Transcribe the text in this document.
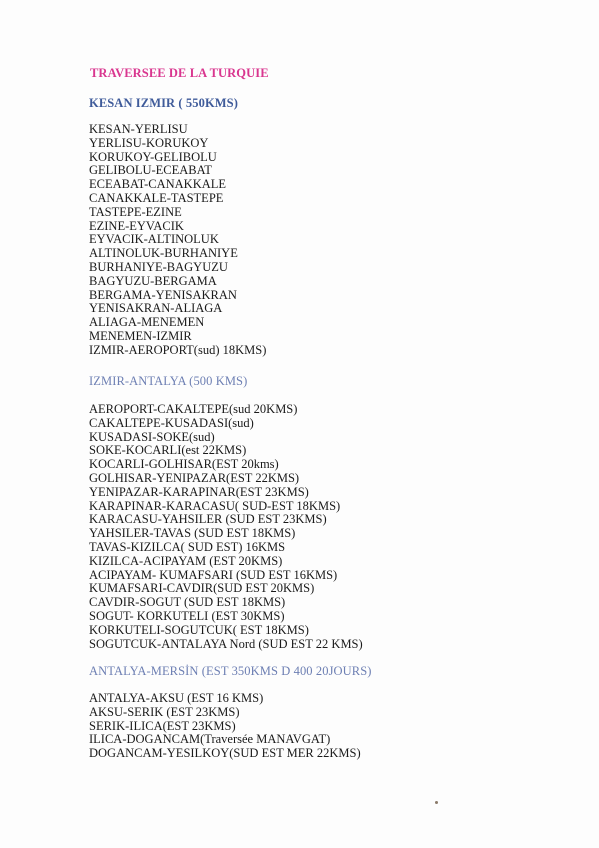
TRAVERSEE DE LA TURQUIE
KESAN IZMIR ( 550KMS)
KESAN-YERLISU
YERLISU-KORUKOY
KORUKOY-GELIBOLU
GELIBOLU-ECEABAT
ECEABAT-CANAKKALE
CANAKKALE-TASTEPE
TASTEPE-EZINE
EZINE-EYVACIK
EYVACIK-ALTINOLUK
ALTINOLUK-BURHANIYE
BURHANIYE-BAGYUZU
BAGYUZU-BERGAMA
BERGAMA-YENISAKRAN
YENISAKRAN-ALIAGA
ALIAGA-MENEMEN
MENEMEN-IZMIR
IZMIR-AEROPORT(sud) 18KMS)
IZMIR-ANTALYA (500 KMS)
AEROPORT-CAKALTEPE(sud 20KMS)
CAKALTEPE-KUSADASI(sud)
KUSADASI-SOKE(sud)
SOKE-KOCARLI(est 22KMS)
KOCARLI-GOLHISAR(EST 20kms)
GOLHISAR-YENIPAZAR(EST 22KMS)
YENIPAZAR-KARAPINAR(EST 23KMS)
KARAPINAR-KARACASU( SUD-EST 18KMS)
KARACASU-YAHSILER (SUD EST 23KMS)
YAHSILER-TAVAS (SUD EST 18KMS)
TAVAS-KIZILCA( SUD EST) 16KMS
KIZILCA-ACIPAYAM (EST 20KMS)
ACIPAYAM- KUMAFSARI (SUD EST 16KMS)
KUMAFSARI-CAVDIR(SUD EST 20KMS)
CAVDIR-SOGUT (SUD EST 18KMS)
SOGUT- KORKUTELI (EST 30KMS)
KORKUTELI-SOGUTCUK( EST 18KMS)
SOGUTCUK-ANTALAYA Nord (SUD EST 22 KMS)
ANTALYA-MERSİN (EST 350KMS D 400 20JOURS)
ANTALYA-AKSU (EST 16 KMS)
AKSU-SERIK (EST 23KMS)
SERIK-ILICA(EST 23KMS)
ILICA-DOGANCAM(Traversée MANAVGAT)
DOGANCAM-YESILKOY(SUD EST MER 22KMS)
